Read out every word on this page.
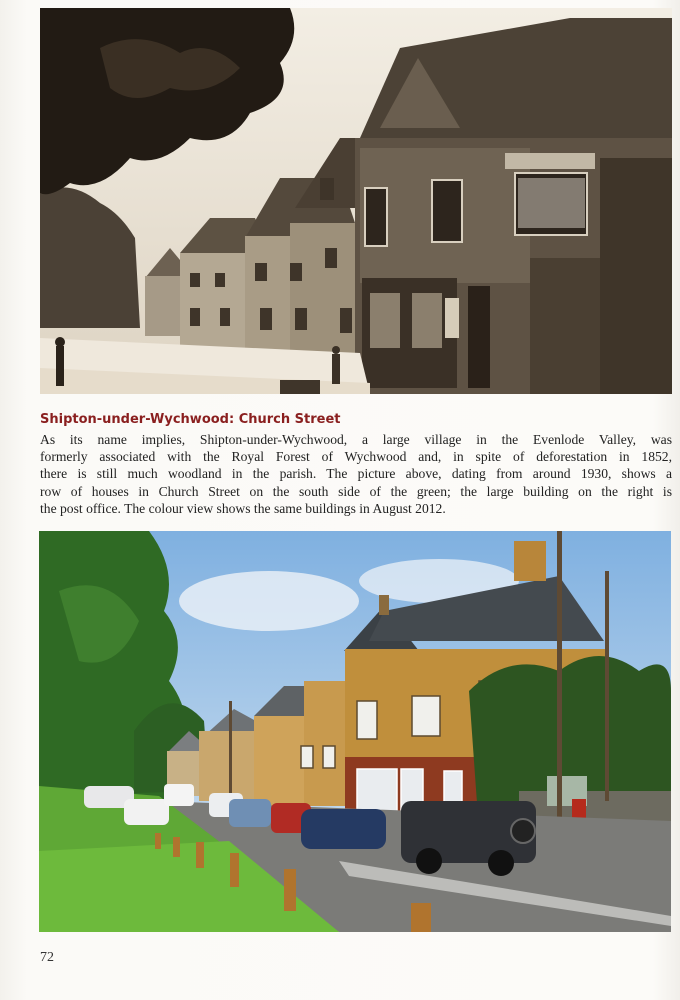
Shipton-under-Wychwood: Church Street
As its name implies, Shipton-under-Wychwood, a large village in the Evenlode Valley, was
formerly associated with the Royal Forest of Wychwood and, in spite of deforestation in 1852,
there is still much woodland in the parish. The picture above, dating from around 1930, shows a
row of houses in Church Street on the south side of the green; the large building on the right is
the post office. The colour view shows the same buildings in August 2012.
72
